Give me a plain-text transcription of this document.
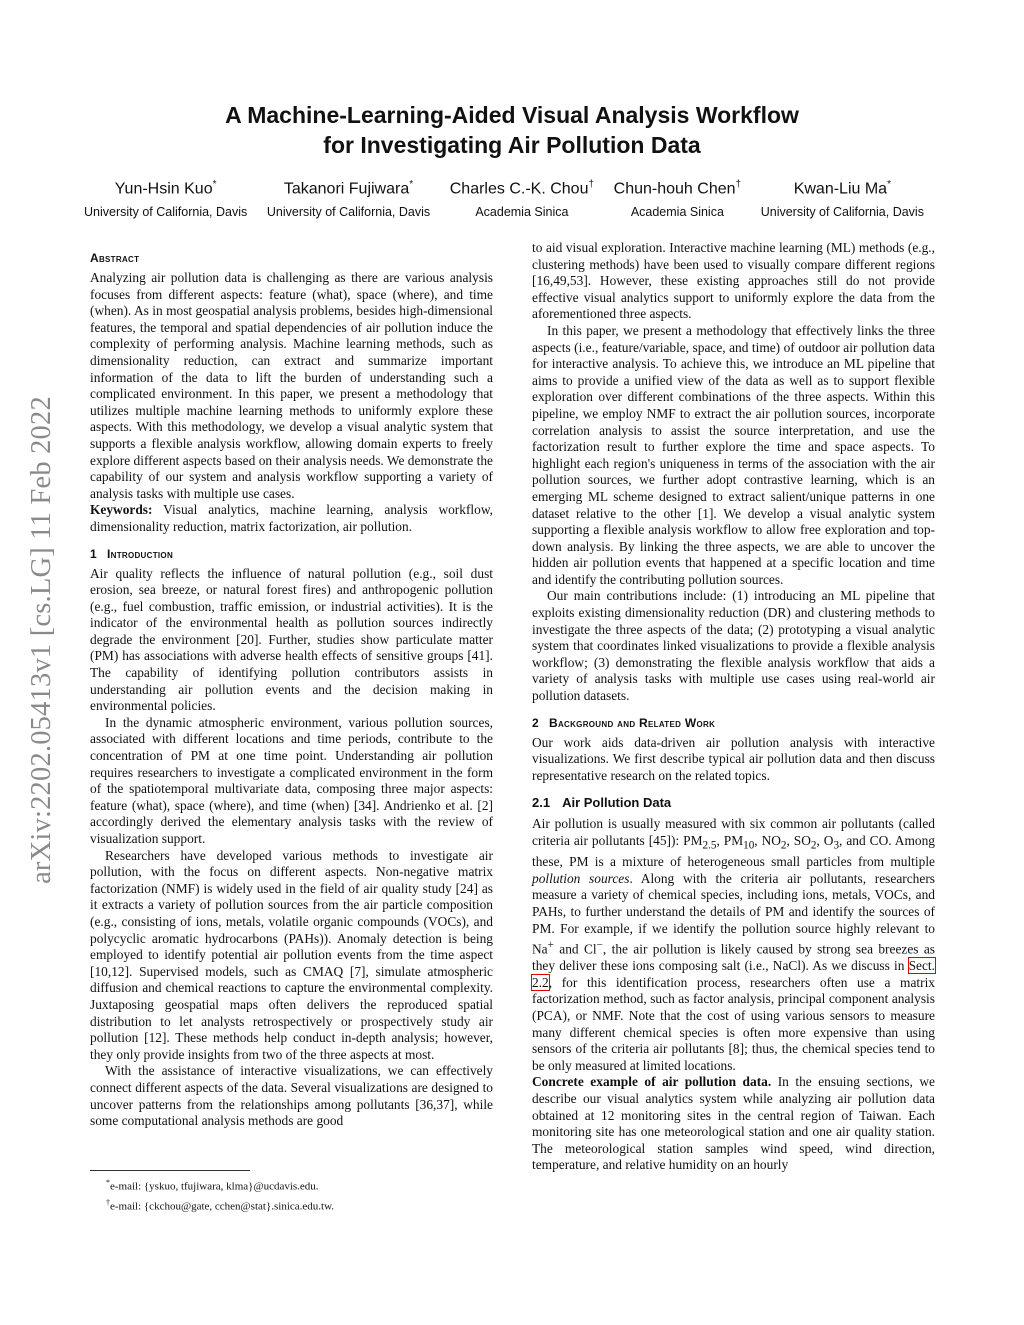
arXiv:2202.05413v1 [cs.LG] 11 Feb 2022
A Machine-Learning-Aided Visual Analysis Workflow
for Investigating Air Pollution Data
Yun-Hsin Kuo*
University of California, Davis
Takanori Fujiwara*
University of California, Davis
Charles C.-K. Chou†
Academia Sinica
Chun-houh Chen†
Academia Sinica
Kwan-Liu Ma*
University of California, Davis
Abstract

Analyzing air pollution data is challenging as there are various analysis focuses from different aspects: feature (what), space (where), and time (when). As in most geospatial analysis problems, besides high-dimensional features, the temporal and spatial dependencies of air pollution induce the complexity of performing analysis. Machine learning methods, such as dimensionality reduction, can extract and summarize important information of the data to lift the burden of understanding such a complicated environment. In this paper, we present a methodology that utilizes multiple machine learning methods to uniformly explore these aspects. With this methodology, we develop a visual analytic system that supports a flexible analysis workflow, allowing domain experts to freely explore different aspects based on their analysis needs. We demonstrate the capability of our system and analysis workflow supporting a variety of analysis tasks with multiple use cases.

Keywords: Visual analytics, machine learning, analysis workflow, dimensionality reduction, matrix factorization, air pollution.

1 Introduction

Air quality reflects the influence of natural pollution (e.g., soil dust erosion, sea breeze, or natural forest fires) and anthropogenic pollution (e.g., fuel combustion, traffic emission, or industrial activities). It is the indicator of the environmental health as pollution sources indirectly degrade the environment [20]. Further, studies show particulate matter (PM) has associations with adverse health effects of sensitive groups [41]. The capability of identifying pollution contributors assists in understanding air pollution events and the decision making in environmental policies.

In the dynamic atmospheric environment, various pollution sources, associated with different locations and time periods, contribute to the concentration of PM at one time point. Understanding air pollution requires researchers to investigate a complicated environment in the form of the spatiotemporal multivariate data, composing three major aspects: feature (what), space (where), and time (when) [34]. Andrienko et al. [2] accordingly derived the elementary analysis tasks with the review of visualization support.

Researchers have developed various methods to investigate air pollution, with the focus on different aspects. Non-negative matrix factorization (NMF) is widely used in the field of air quality study [24] as it extracts a variety of pollution sources from the air particle composition (e.g., consisting of ions, metals, volatile organic compounds (VOCs), and polycyclic aromatic hydrocarbons (PAHs)). Anomaly detection is being employed to identify potential air pollution events from the time aspect [10,12]. Supervised models, such as CMAQ [7], simulate atmospheric diffusion and chemical reactions to capture the environmental complexity. Juxtaposing geospatial maps often delivers the reproduced spatial distribution to let analysts retrospectively or prospectively study air pollution [12]. These methods help conduct in-depth analysis; however, they only provide insights from two of the three aspects at most.

With the assistance of interactive visualizations, we can effectively connect different aspects of the data. Several visualizations are designed to uncover patterns from the relationships among pollutants [36,37], while some computational analysis methods are good

to aid visual exploration. Interactive machine learning (ML) methods (e.g., clustering methods) have been used to visually compare different regions [16,49,53]. However, these existing approaches still do not provide effective visual analytics support to uniformly explore the data from the aforementioned three aspects.

In this paper, we present a methodology that effectively links the three aspects (i.e., feature/variable, space, and time) of outdoor air pollution data for interactive analysis. To achieve this, we introduce an ML pipeline that aims to provide a unified view of the data as well as to support flexible exploration over different combinations of the three aspects. Within this pipeline, we employ NMF to extract the air pollution sources, incorporate correlation analysis to assist the source interpretation, and use the factorization result to further explore the time and space aspects. To highlight each region's uniqueness in terms of the association with the air pollution sources, we further adopt contrastive learning, which is an emerging ML scheme designed to extract salient/unique patterns in one dataset relative to the other [1]. We develop a visual analytic system supporting a flexible analysis workflow to allow free exploration and top-down analysis. By linking the three aspects, we are able to uncover the hidden air pollution events that happened at a specific location and time and identify the contributing pollution sources.

Our main contributions include: (1) introducing an ML pipeline that exploits existing dimensionality reduction (DR) and clustering methods to investigate the three aspects of the data; (2) prototyping a visual analytic system that coordinates linked visualizations to provide a flexible analysis workflow; (3) demonstrating the flexible analysis workflow that aids a variety of analysis tasks with multiple use cases using real-world air pollution datasets.

2 Background and Related Work

Our work aids data-driven air pollution analysis with interactive visualizations. We first describe typical air pollution data and then discuss representative research on the related topics.

2.1 Air Pollution Data

Air pollution is usually measured with six common air pollutants (called criteria air pollutants [45]): $PM_{2.5}$, $PM_{10}$, $NO_2$, $SO_2$, $O_3$, and CO. Among these, PM is a mixture of heterogeneous small particles from multiple pollution sources. Along with the criteria air pollutants, researchers measure a variety of chemical species, including ions, metals, VOCs, and PAHs, to further understand the details of PM and identify the sources of PM. For example, if we identify the pollution source highly relevant to Na+ and Cl−, the air pollution is likely caused by strong sea breezes as they deliver these ions composing salt (i.e., NaCl). As we discuss in Sect. 2.2, for this identification process, researchers often use a matrix factorization method, such as factor analysis, principal component analysis (PCA), or NMF. Note that the cost of using various sensors to measure many different chemical species is often more expensive than using sensors of the criteria air pollutants [8]; thus, the chemical species tend to be only measured at limited locations.

Concrete example of air pollution data. In the ensuing sections, we describe our visual analytics system while analyzing air pollution data obtained at 12 monitoring sites in the central region of Taiwan. Each monitoring site has one meteorological station and one air quality station. The meteorological station samples wind speed, wind direction, temperature, and relative humidity on an hourly

*e-mail: {yskuo, tfujiwara, klma}@ucdavis.edu.
†e-mail: {ckchou@gate, cchen@stat}.sinica.edu.tw.
